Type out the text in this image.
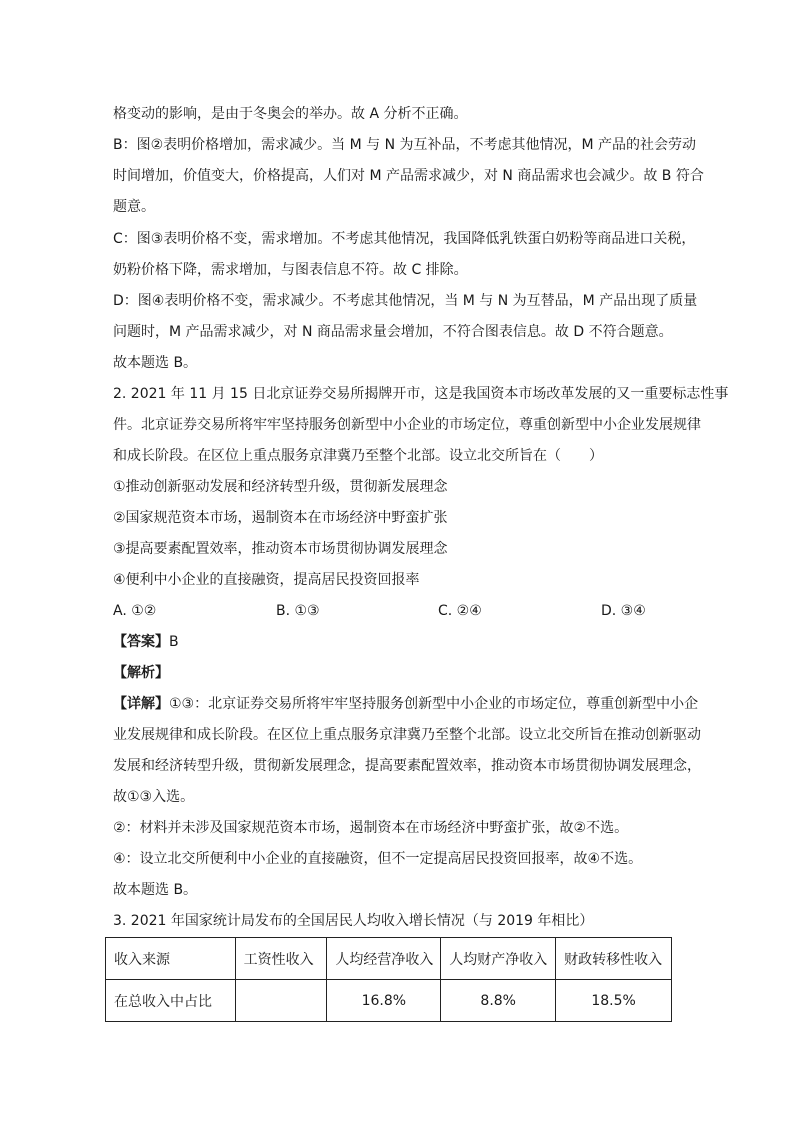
格变动的影响，是由于冬奥会的举办。故 A 分析不正确。
B：图②表明价格增加，需求减少。当 M 与 N 为互补品，不考虑其他情况，M 产品的社会劳动
时间增加，价值变大，价格提高，人们对 M 产品需求减少，对 N 商品需求也会减少。故 B 符合
题意。
C：图③表明价格不变，需求增加。不考虑其他情况，我国降低乳铁蛋白奶粉等商品进口关税，
奶粉价格下降，需求增加，与图表信息不符。故 C 排除。
D：图④表明价格不变，需求减少。不考虑其他情况，当 M 与 N 为互替品，M 产品出现了质量
问题时，M 产品需求减少，对 N 商品需求量会增加，不符合图表信息。故 D 不符合题意。
故本题选 B。
2. 2021 年 11 月 15 日北京证券交易所揭牌开市，这是我国资本市场改革发展的又一重要标志性事
件。北京证券交易所将牢牢坚持服务创新型中小企业的市场定位，尊重创新型中小企业发展规律
和成长阶段。在区位上重点服务京津冀乃至整个北部。设立北交所旨在（　　）
①推动创新驱动发展和经济转型升级，贯彻新发展理念
②国家规范资本市场，遏制资本在市场经济中野蛮扩张
③提高要素配置效率，推动资本市场贯彻协调发展理念
④便利中小企业的直接融资，提高居民投资回报率
A. ①②	B. ①③	C. ②④	D. ③④
【答案】B
【解析】
【详解】①③：北京证券交易所将牢牢坚持服务创新型中小企业的市场定位，尊重创新型中小企
业发展规律和成长阶段。在区位上重点服务京津冀乃至整个北部。设立北交所旨在推动创新驱动
发展和经济转型升级，贯彻新发展理念，提高要素配置效率，推动资本市场贯彻协调发展理念，
故①③入选。
②：材料并未涉及国家规范资本市场，遏制资本在市场经济中野蛮扩张，故②不选。
④：设立北交所便利中小企业的直接融资，但不一定提高居民投资回报率，故④不选。
故本题选 B。
3. 2021 年国家统计局发布的全国居民人均收入增长情况（与 2019 年相比）
收入来源	工资性收入	人均经营净收入	人均财产净收入	财政转移性收入
在总收入中占比		16.8%	8.8%	18.5%
